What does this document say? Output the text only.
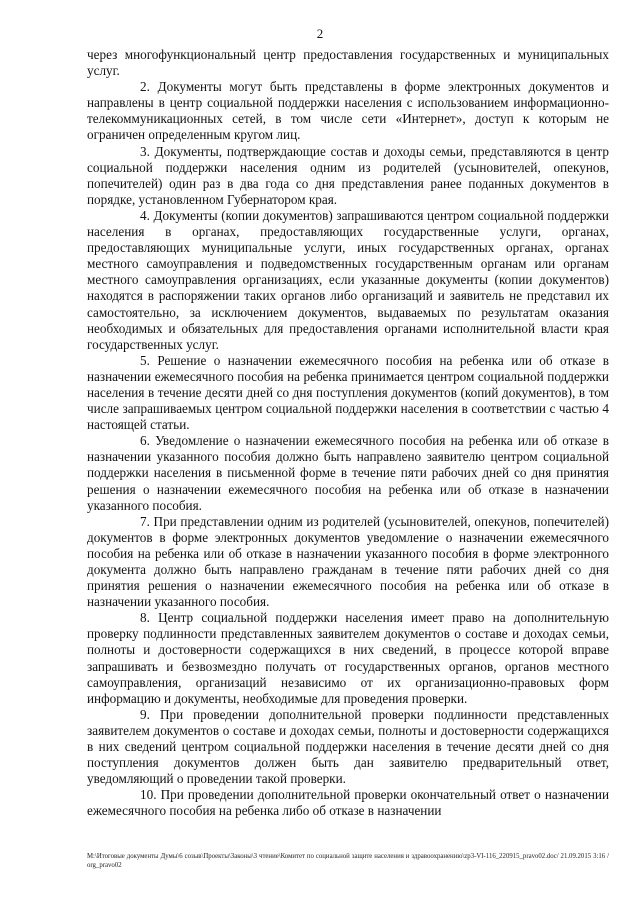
2

через многофункциональный центр предоставления государственных и муниципальных услуг.

2. Документы могут быть представлены в форме электронных документов и направлены в центр социальной поддержки населения с использованием информационно-телекоммуникационных сетей, в том числе сети «Интернет», доступ к которым не ограничен определенным кругом лиц.

3. Документы, подтверждающие состав и доходы семьи, представляются в центр социальной поддержки населения одним из родителей (усыновителей, опекунов, попечителей) один раз в два года со дня представления ранее поданных документов в порядке, установленном Губернатором края.

4. Документы (копии документов) запрашиваются центром социальной поддержки населения в органах, предоставляющих государственные услуги, органах, предоставляющих муниципальные услуги, иных государственных органах, органах местного самоуправления и подведомственных государственным органам или органам местного самоуправления организациях, если указанные документы (копии документов) находятся в распоряжении таких органов либо организаций и заявитель не представил их самостоятельно, за исключением документов, выдаваемых по результатам оказания необходимых и обязательных для предоставления органами исполнительной власти края государственных услуг.

5. Решение о назначении ежемесячного пособия на ребенка или об отказе в назначении ежемесячного пособия на ребенка принимается центром социальной поддержки населения в течение десяти дней со дня поступления документов (копий документов), в том числе запрашиваемых центром социальной поддержки населения в соответствии с частью 4 настоящей статьи.

6. Уведомление о назначении ежемесячного пособия на ребенка или об отказе в назначении указанного пособия должно быть направлено заявителю центром социальной поддержки населения в письменной форме в течение пяти рабочих дней со дня принятия решения о назначении ежемесячного пособия на ребенка или об отказе в назначении указанного пособия.

7. При представлении одним из родителей (усыновителей, опекунов, попечителей) документов в форме электронных документов уведомление о назначении ежемесячного пособия на ребенка или об отказе в назначении указанного пособия в форме электронного документа должно быть направлено гражданам в течение пяти рабочих дней со дня принятия решения о назначении ежемесячного пособия на ребенка или об отказе в назначении указанного пособия.

8. Центр социальной поддержки населения имеет право на дополнительную проверку подлинности представленных заявителем документов о составе и доходах семьи, полноты и достоверности содержащихся в них сведений, в процессе которой вправе запрашивать и безвозмездно получать от государственных органов, органов местного самоуправления, организаций независимо от их организационно-правовых форм информацию и документы, необходимые для проведения проверки.

9. При проведении дополнительной проверки подлинности представленных заявителем документов о составе и доходах семьи, полноты и достоверности содержащихся в них сведений центром социальной поддержки населения в течение десяти дней со дня поступления документов должен быть дан заявителю предварительный ответ, уведомляющий о проведении такой проверки.

10. При проведении дополнительной проверки окончательный ответ о назначении ежемесячного пособия на ребенка либо об отказе в назначении

M:\Итоговые документы Думы\6 созыв\Проекты\Законы\3 чтение\Комитет по социальной защите населения и здравоохранению\zp3-VI-116_220915_pravo02.doc/ 21.09.2015 3:16 / org_pravo02
